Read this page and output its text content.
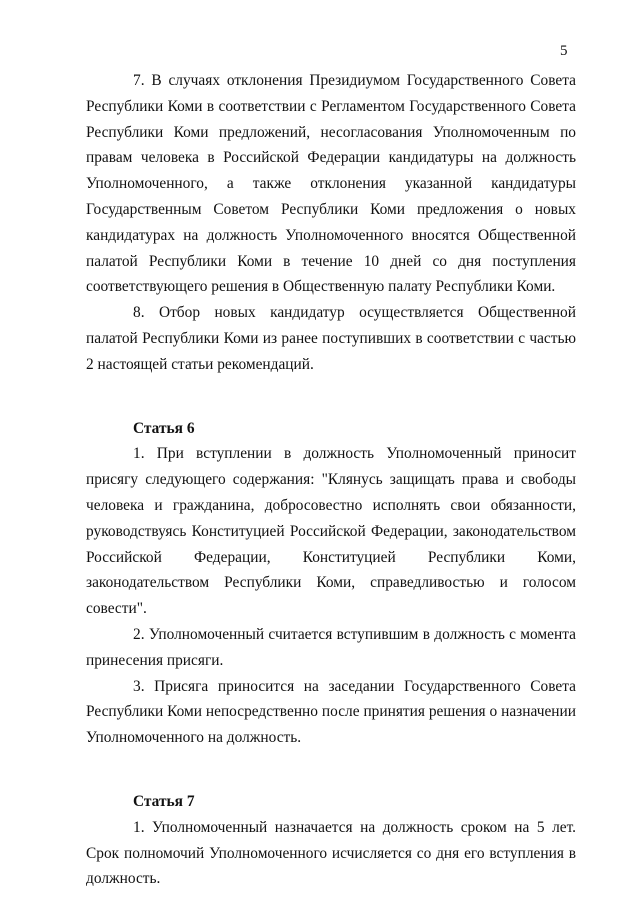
5

7. В случаях отклонения Президиумом Государственного Совета Республики Коми в соответствии с Регламентом Государственного Совета Республики Коми предложений, несогласования Уполномоченным по правам человека в Российской Федерации кандидатуры на должность Уполномоченного, а также отклонения указанной кандидатуры Государственным Советом Республики Коми предложения о новых кандидатурах на должность Уполномоченного вносятся Общественной палатой Республики Коми в течение 10 дней со дня поступления соответствующего решения в Общественную палату Республики Коми.

8. Отбор новых кандидатур осуществляется Общественной палатой Республики Коми из ранее поступивших в соответствии с частью 2 настоящей статьи рекомендаций.

Статья 6

1. При вступлении в должность Уполномоченный приносит присягу следующего содержания: "Клянусь защищать права и свободы человека и гражданина, добросовестно исполнять свои обязанности, руководствуясь Конституцией Российской Федерации, законодательством Российской Федерации, Конституцией Республики Коми, законодательством Республики Коми, справедливостью и голосом совести".

2. Уполномоченный считается вступившим в должность с момента принесения присяги.

3. Присяга приносится на заседании Государственного Совета Республики Коми непосредственно после принятия решения о назначении Уполномоченного на должность.

Статья 7

1. Уполномоченный назначается на должность сроком на 5 лет. Срок полномочий Уполномоченного исчисляется со дня его вступления в должность.
